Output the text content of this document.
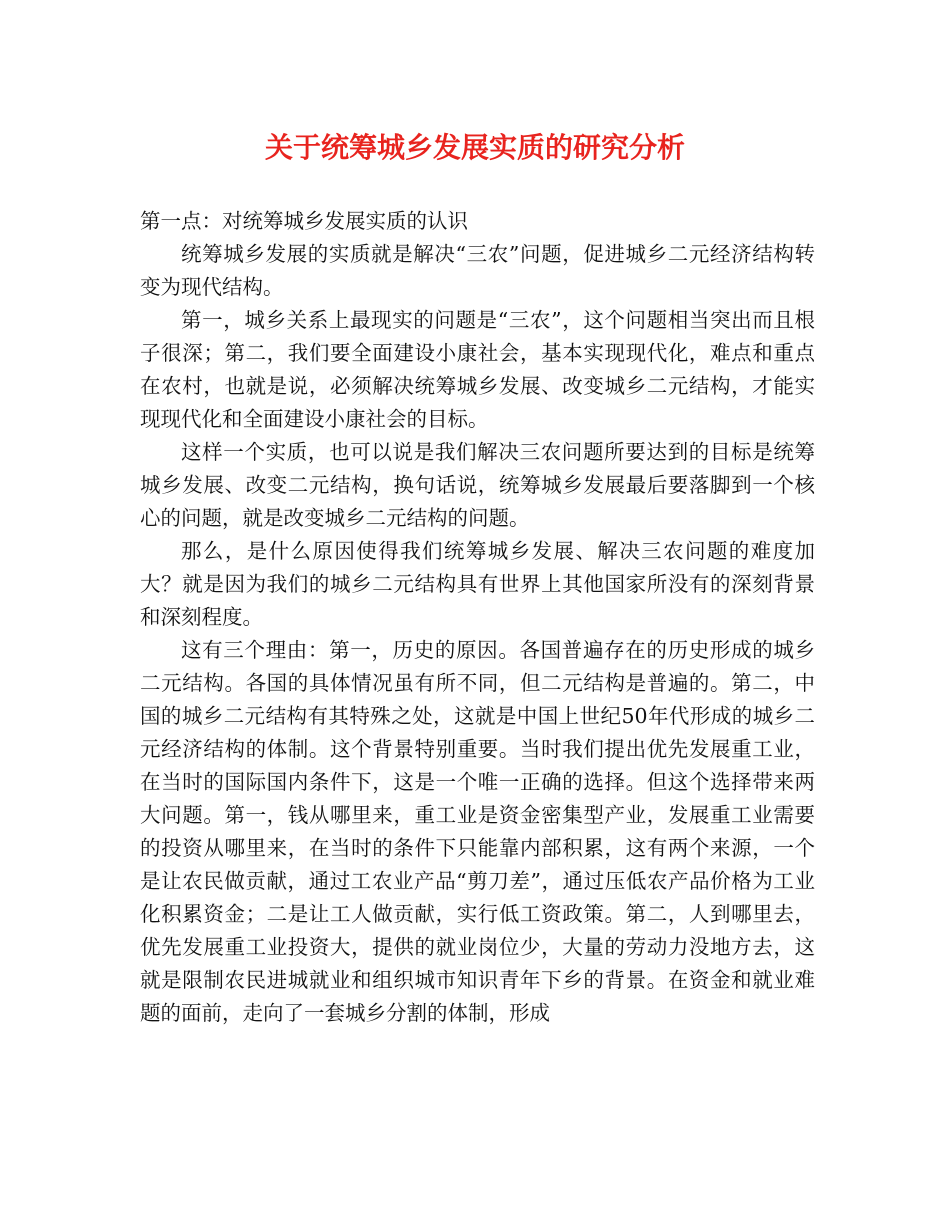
关于统筹城乡发展实质的研究分析

第一点：对统筹城乡发展实质的认识

统筹城乡发展的实质就是解决“三农”问题，促进城乡二元经济结构转变为现代结构。

第一，城乡关系上最现实的问题是“三农”，这个问题相当突出而且根子很深；第二，我们要全面建设小康社会，基本实现现代化，难点和重点在农村，也就是说，必须解决统筹城乡发展、改变城乡二元结构，才能实现现代化和全面建设小康社会的目标。

这样一个实质，也可以说是我们解决三农问题所要达到的目标是统筹城乡发展、改变二元结构，换句话说，统筹城乡发展最后要落脚到一个核心的问题，就是改变城乡二元结构的问题。

那么，是什么原因使得我们统筹城乡发展、解决三农问题的难度加大？就是因为我们的城乡二元结构具有世界上其他国家所没有的深刻背景和深刻程度。

这有三个理由：第一，历史的原因。各国普遍存在的历史形成的城乡二元结构。各国的具体情况虽有所不同，但二元结构是普遍的。第二，中国的城乡二元结构有其特殊之处，这就是中国上世纪50年代形成的城乡二元经济结构的体制。这个背景特别重要。当时我们提出优先发展重工业，在当时的国际国内条件下，这是一个唯一正确的选择。但这个选择带来两大问题。第一，钱从哪里来，重工业是资金密集型产业，发展重工业需要的投资从哪里来，在当时的条件下只能靠内部积累，这有两个来源，一个是让农民做贡献，通过工农业产品“剪刀差”，通过压低农产品价格为工业化积累资金；二是让工人做贡献，实行低工资政策。第二，人到哪里去，优先发展重工业投资大，提供的就业岗位少，大量的劳动力没地方去，这就是限制农民进城就业和组织城市知识青年下乡的背景。在资金和就业难题的面前，走向了一套城乡分割的体制，形成
